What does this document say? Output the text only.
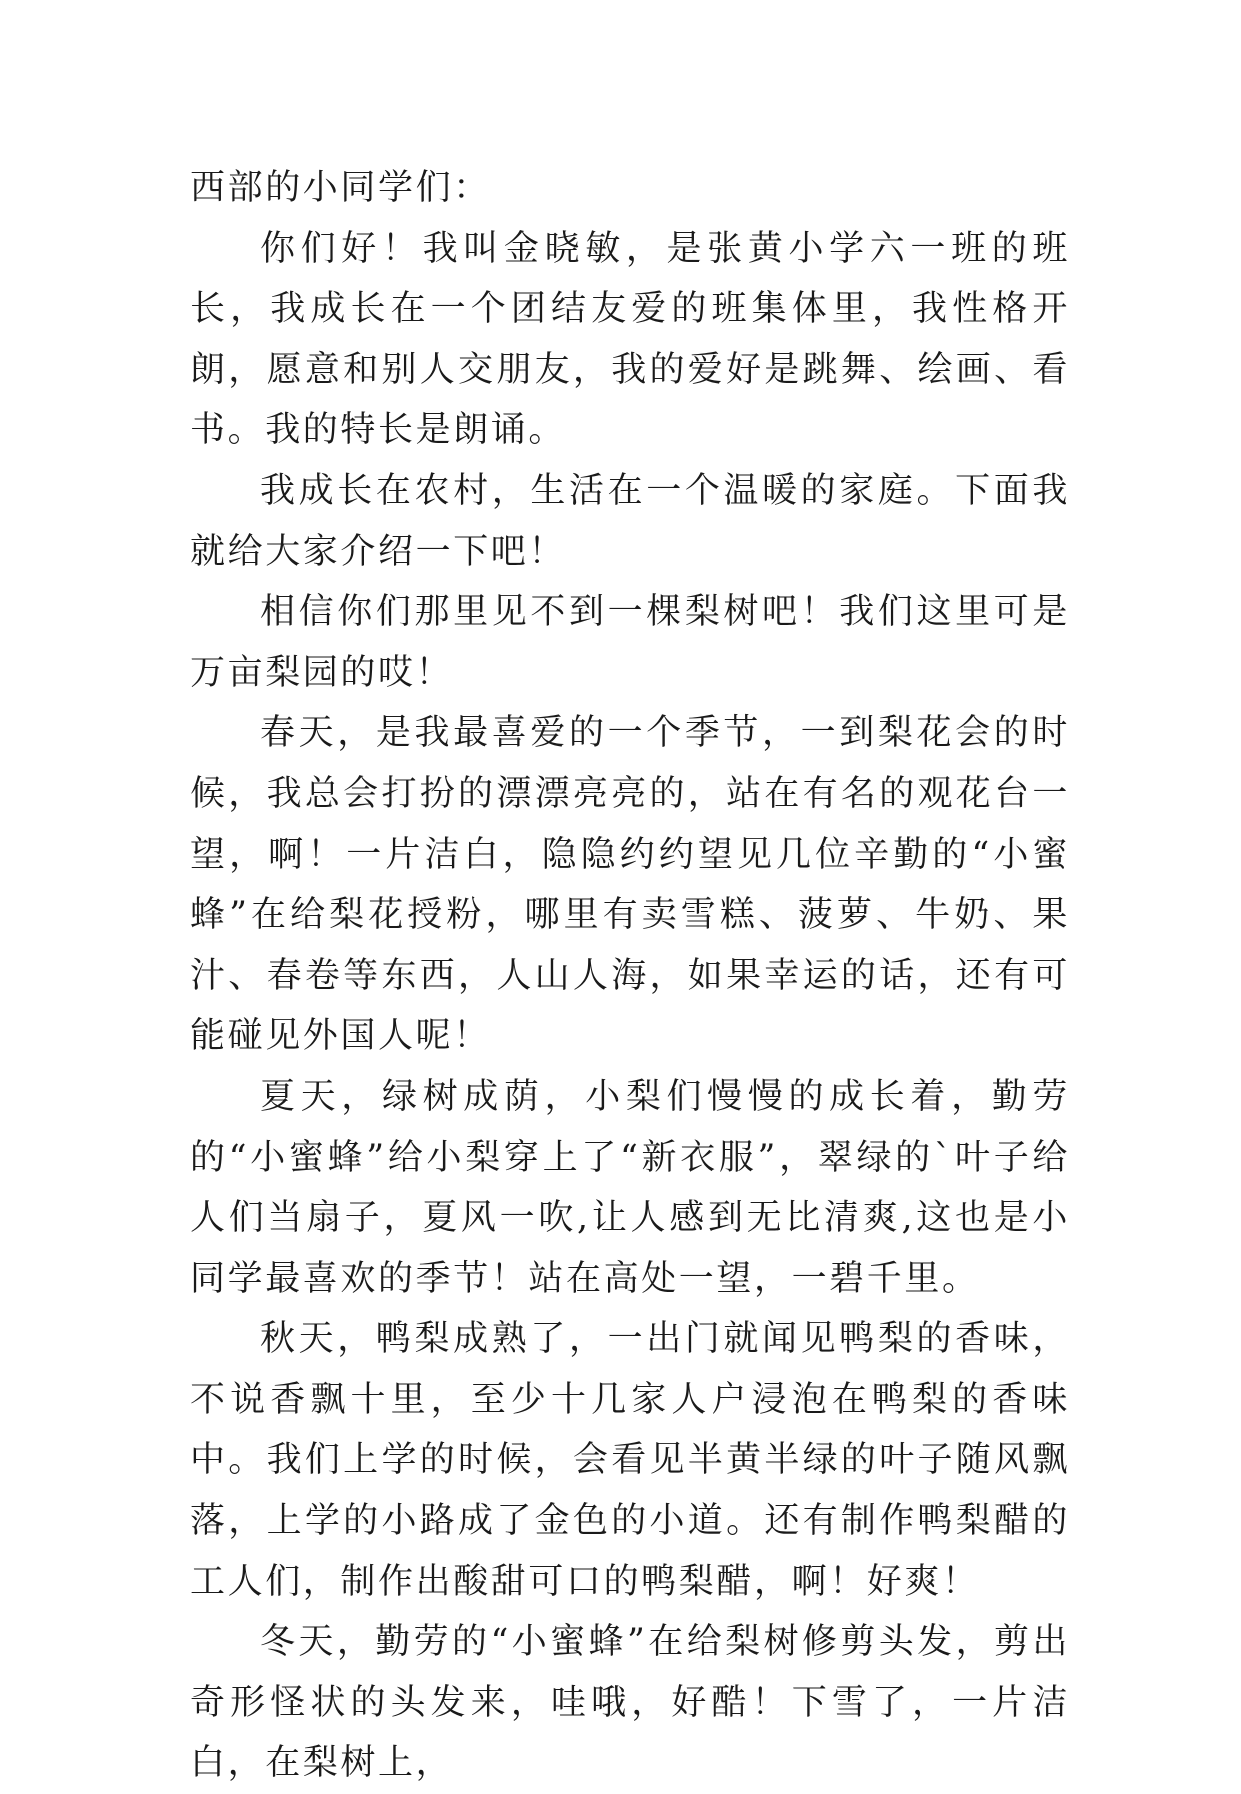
西部的小同学们：

你们好！我叫金晓敏，是张黄小学六一班的班长，我成长在一个团结友爱的班集体里，我性格开朗，愿意和别人交朋友，我的爱好是跳舞、绘画、看书。我的特长是朗诵。

我成长在农村，生活在一个温暖的家庭。下面我就给大家介绍一下吧！

相信你们那里见不到一棵梨树吧！我们这里可是万亩梨园的哎！

春天，是我最喜爱的一个季节，一到梨花会的时候，我总会打扮的漂漂亮亮的，站在有名的观花台一望，啊！一片洁白，隐隐约约望见几位辛勤的“小蜜蜂”在给梨花授粉，哪里有卖雪糕、菠萝、牛奶、果汁、春卷等东西，人山人海，如果幸运的话，还有可能碰见外国人呢！

夏天，绿树成荫，小梨们慢慢的成长着，勤劳的“小蜜蜂”给小梨穿上了“新衣服”，翠绿的`叶子给人们当扇子，夏风一吹,让人感到无比清爽,这也是小同学最喜欢的季节！站在高处一望，一碧千里。

秋天，鸭梨成熟了，一出门就闻见鸭梨的香味，不说香飘十里，至少十几家人户浸泡在鸭梨的香味中。我们上学的时候，会看见半黄半绿的叶子随风飘落，上学的小路成了金色的小道。还有制作鸭梨醋的工人们，制作出酸甜可口的鸭梨醋，啊！好爽！

冬天，勤劳的“小蜜蜂”在给梨树修剪头发，剪出奇形怪状的头发来，哇哦，好酷！下雪了，一片洁白，在梨树上，
